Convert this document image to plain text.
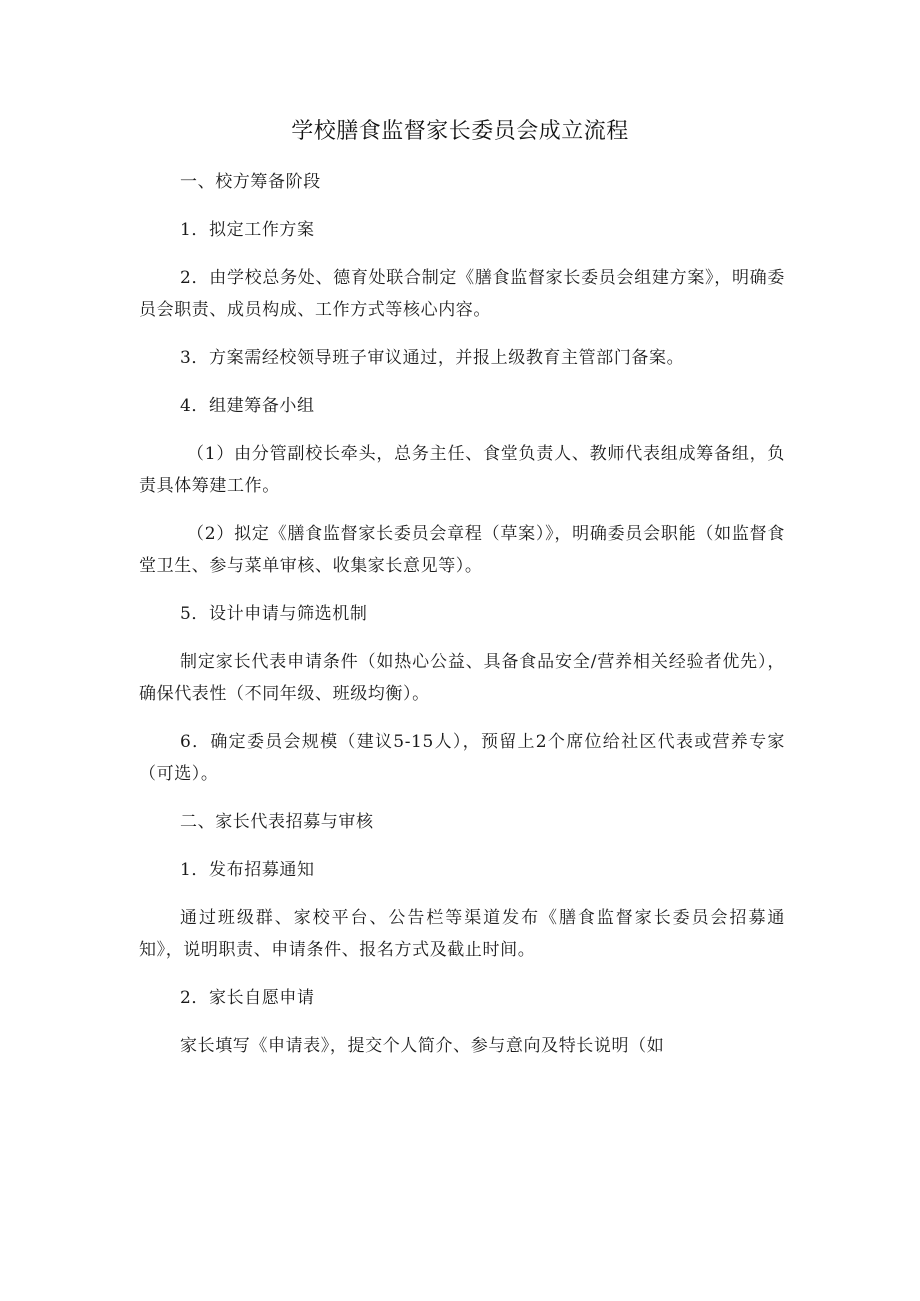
学校膳食监督家长委员会成立流程

一、校方筹备阶段

1．拟定工作方案

2．由学校总务处、德育处联合制定《膳食监督家长委员会组建方案》，明确委员会职责、成员构成、工作方式等核心内容。

3．方案需经校领导班子审议通过，并报上级教育主管部门备案。

4．组建筹备小组

（1）由分管副校长牵头，总务主任、食堂负责人、教师代表组成筹备组，负责具体筹建工作。

（2）拟定《膳食监督家长委员会章程（草案）》，明确委员会职能（如监督食堂卫生、参与菜单审核、收集家长意见等）。

5．设计申请与筛选机制

制定家长代表申请条件（如热心公益、具备食品安全/营养相关经验者优先），确保代表性（不同年级、班级均衡）。

6．确定委员会规模（建议5-15人），预留上2个席位给社区代表或营养专家（可选）。

二、家长代表招募与审核

1．发布招募通知

通过班级群、家校平台、公告栏等渠道发布《膳食监督家长委员会招募通知》，说明职责、申请条件、报名方式及截止时间。

2．家长自愿申请

家长填写《申请表》，提交个人简介、参与意向及特长说明（如
